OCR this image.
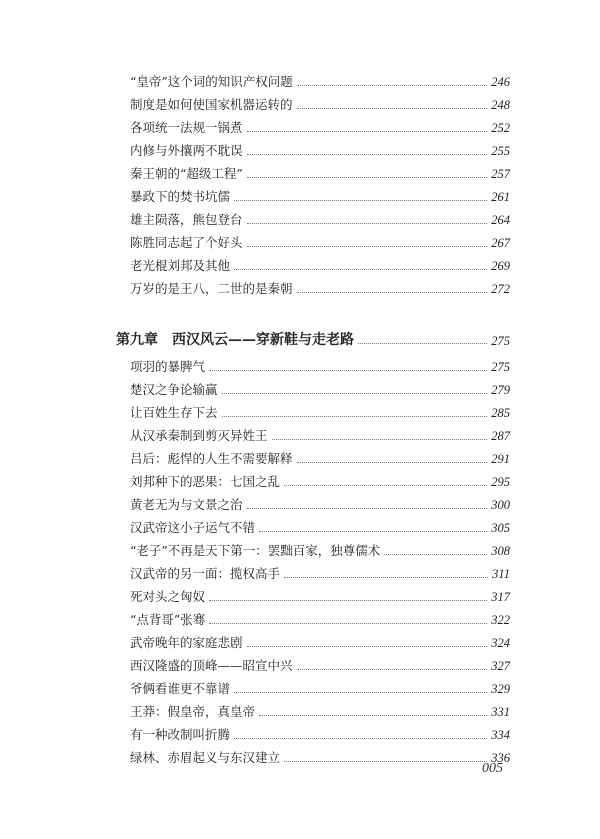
“皇帝”这个词的知识产权问题	246
制度是如何使国家机器运转的	248
各项统一法规一锅煮	252
内修与外攘两不耽误	255
秦王朝的“超级工程”	257
暴政下的焚书坑儒	261
雄主陨落，熊包登台	264
陈胜同志起了个好头	267
老光棍刘邦及其他	269
万岁的是王八，二世的是秦朝	272
第九章　西汉风云——穿新鞋与走老路	275
项羽的暴脾气	275
楚汉之争论输赢	279
让百姓生存下去	285
从汉承秦制到剪灭异姓王	287
吕后：彪悍的人生不需要解释	291
刘邦种下的恶果：七国之乱	295
黄老无为与文景之治	300
汉武帝这小子运气不错	305
“老子”不再是天下第一：罢黜百家，独尊儒术	308
汉武帝的另一面：揽权高手	311
死对头之匈奴	317
“点背哥”张骞	322
武帝晚年的家庭悲剧	324
西汉隆盛的顶峰——昭宣中兴	327
爷俩看谁更不靠谱	329
王莽：假皇帝，真皇帝	331
有一种改制叫折腾	334
绿林、赤眉起义与东汉建立	336
005
